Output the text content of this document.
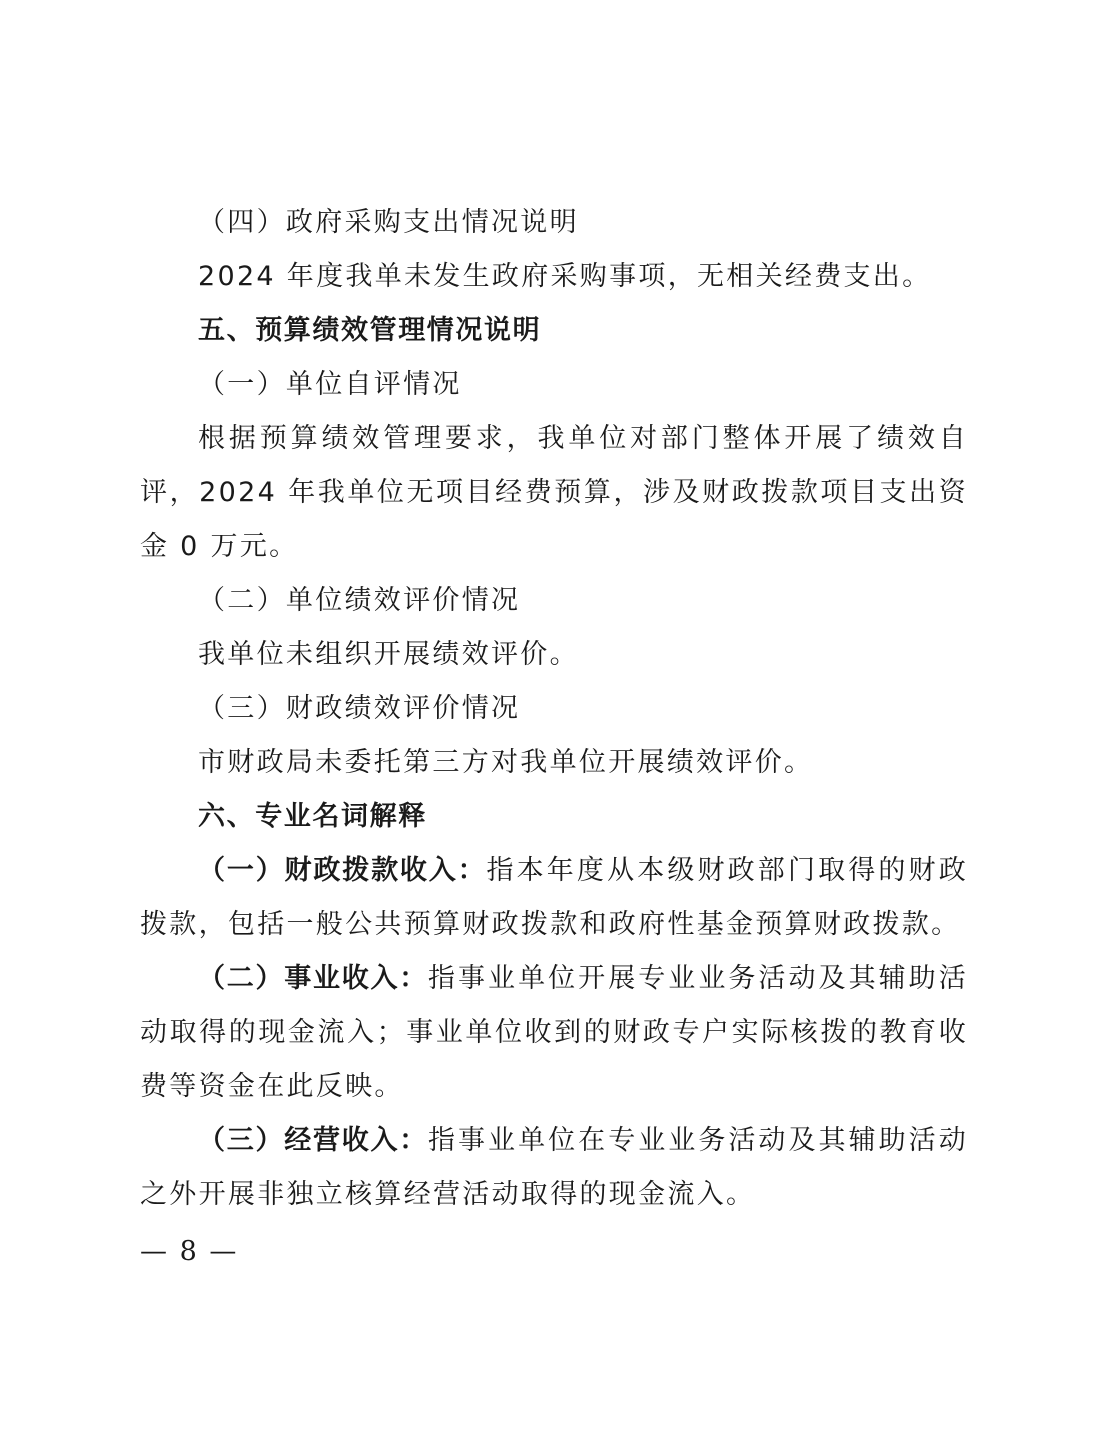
（四）政府采购支出情况说明

2024 年度我单未发生政府采购事项，无相关经费支出。

五、预算绩效管理情况说明

（一）单位自评情况

根据预算绩效管理要求，我单位对部门整体开展了绩效自评，2024 年我单位无项目经费预算，涉及财政拨款项目支出资金 0 万元。

（二）单位绩效评价情况

我单位未组织开展绩效评价。

（三）财政绩效评价情况

市财政局未委托第三方对我单位开展绩效评价。

六、专业名词解释

（一）财政拨款收入：指本年度从本级财政部门取得的财政拨款，包括一般公共预算财政拨款和政府性基金预算财政拨款。

（二）事业收入：指事业单位开展专业业务活动及其辅助活动取得的现金流入；事业单位收到的财政专户实际核拨的教育收费等资金在此反映。

（三）经营收入：指事业单位在专业业务活动及其辅助活动之外开展非独立核算经营活动取得的现金流入。

— 8 —
